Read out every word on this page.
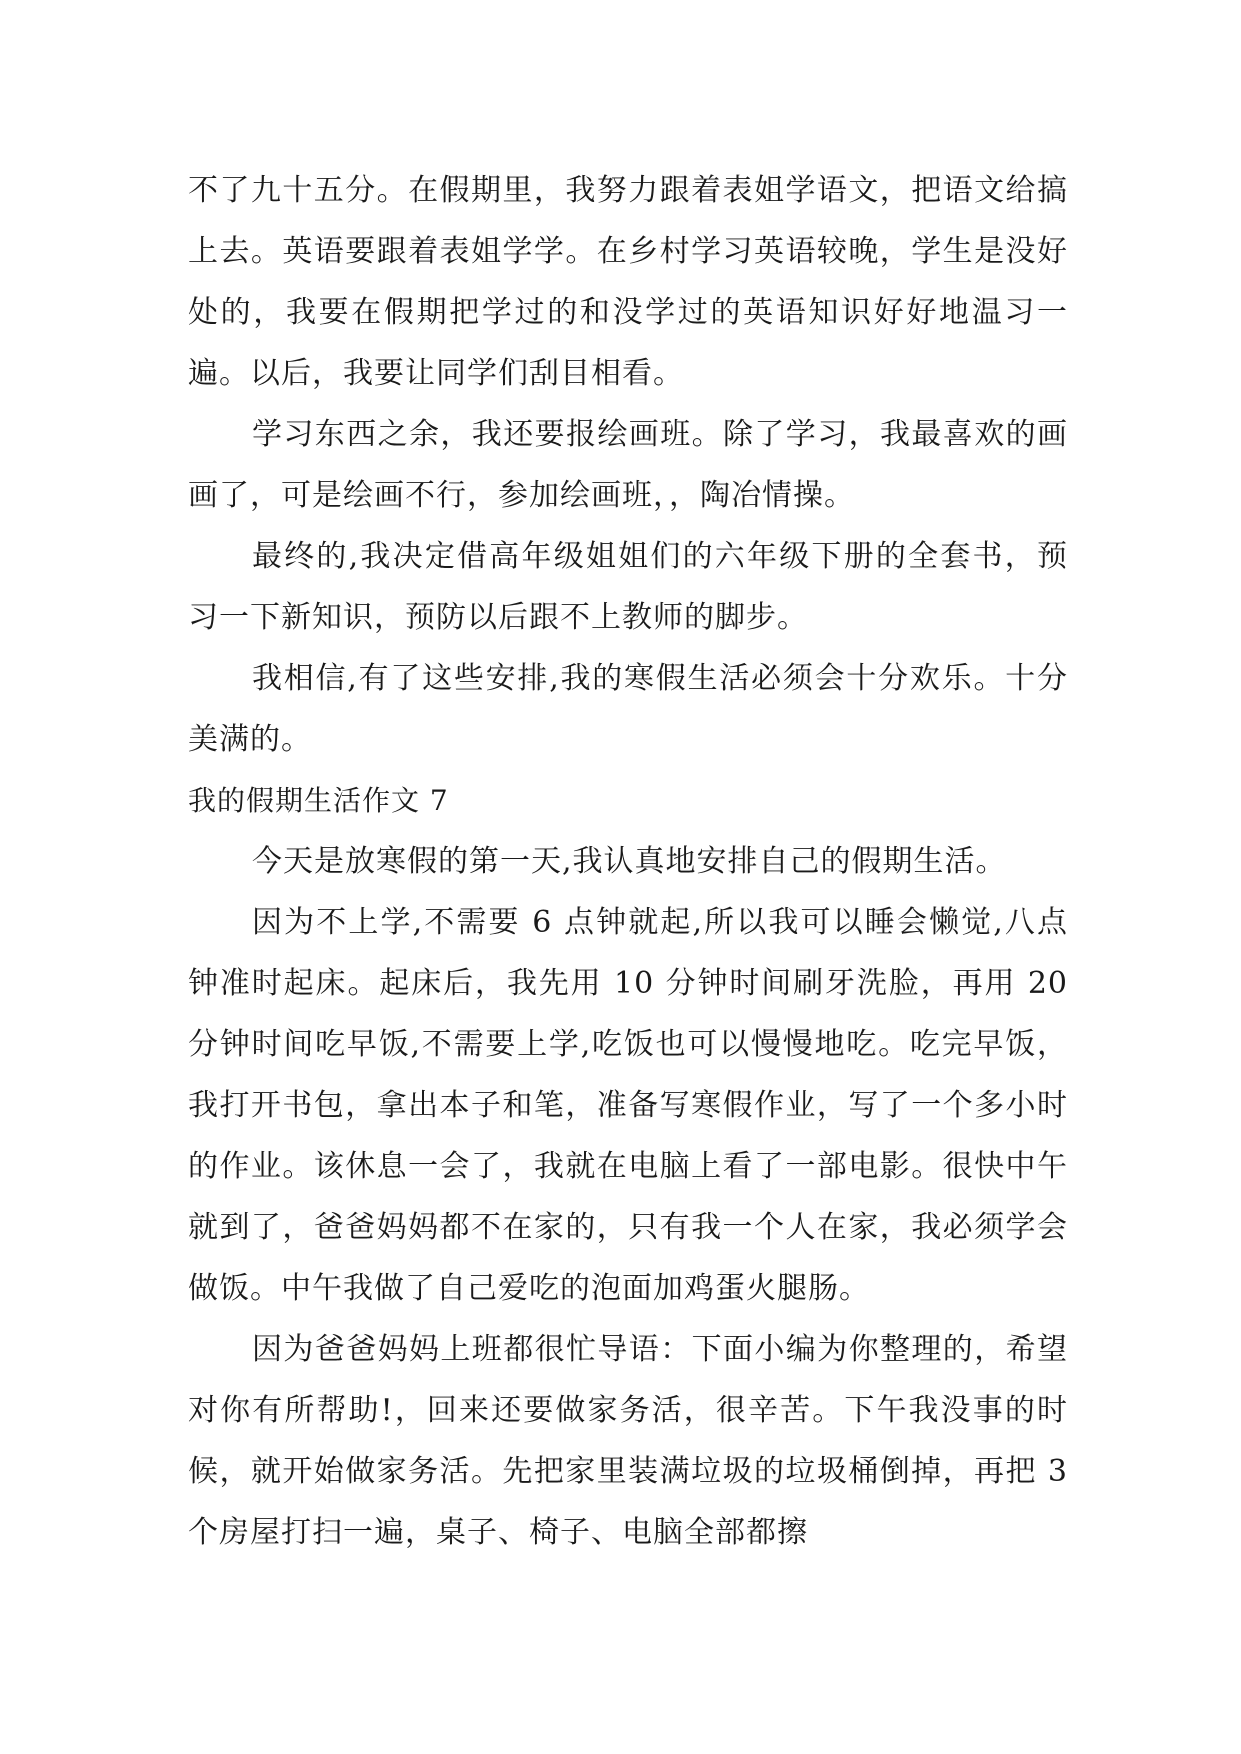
不了九十五分。在假期里，我努力跟着表姐学语文，把语文给搞上去。英语要跟着表姐学学。在乡村学习英语较晚，学生是没好处的，我要在假期把学过的和没学过的英语知识好好地温习一遍。以后，我要让同学们刮目相看。

学习东西之余，我还要报绘画班。除了学习，我最喜欢的画画了，可是绘画不行，参加绘画班，，陶冶情操。

最终的,我决定借高年级姐姐们的六年级下册的全套书，预习一下新知识，预防以后跟不上教师的脚步。

我相信,有了这些安排,我的寒假生活必须会十分欢乐。十分美满的。

我的假期生活作文 7

今天是放寒假的第一天,我认真地安排自己的假期生活。

因为不上学,不需要 6 点钟就起,所以我可以睡会懒觉,八点钟准时起床。起床后，我先用 10 分钟时间刷牙洗脸，再用 20 分钟时间吃早饭,不需要上学,吃饭也可以慢慢地吃。吃完早饭，我打开书包，拿出本子和笔，准备写寒假作业，写了一个多小时的作业。该休息一会了，我就在电脑上看了一部电影。很快中午就到了，爸爸妈妈都不在家的，只有我一个人在家，我必须学会做饭。中午我做了自己爱吃的泡面加鸡蛋火腿肠。

因为爸爸妈妈上班都很忙导语：下面小编为你整理的，希望对你有所帮助!，回来还要做家务活，很辛苦。下午我没事的时候，就开始做家务活。先把家里装满垃圾的垃圾桶倒掉，再把 3 个房屋打扫一遍，桌子、椅子、电脑全部都擦
